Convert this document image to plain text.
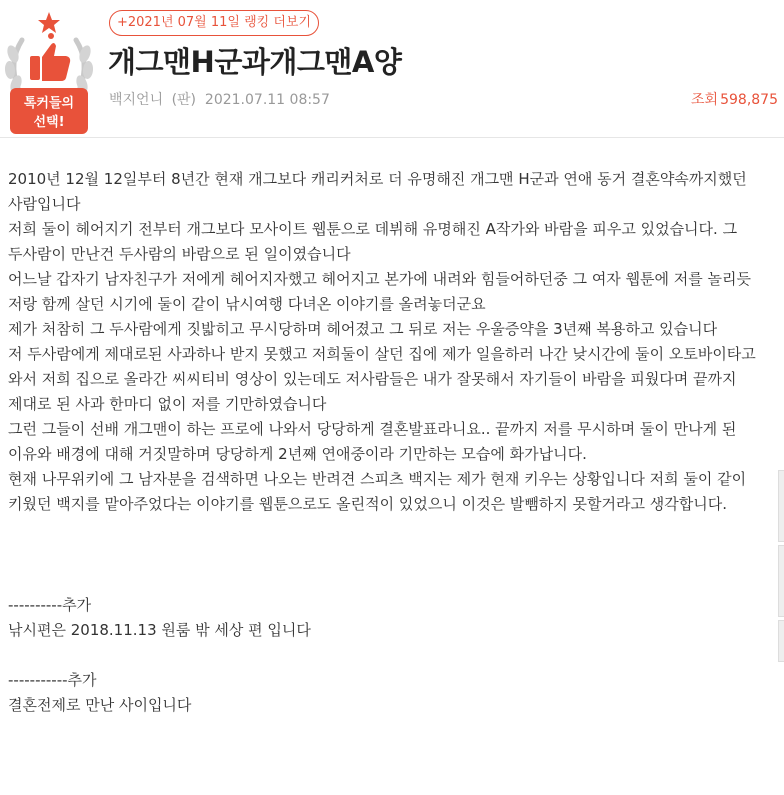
톡커들의
선택!
+2021년 07월 11일 랭킹 더보기
개그맨H군과개그맨A양
백지언니 (판) 2021.07.11 08:57	조회 598,875

2010년 12월 12일부터 8년간 현재 개그보다 캐리커처로 더 유명해진 개그맨 H군과 연애 동거 결혼약속까지했던 사람입니다

저희 둘이 헤어지기 전부터 개그보다 모사이트 웹툰으로 데뷔해 유명해진 A작가와 바람을 피우고 있었습니다. 그 두사람이 만난건 두사람의 바람으로 된 일이였습니다

어느날 갑자기 남자친구가 저에게 헤어지자했고 헤어지고 본가에 내려와 힘들어하던중 그 여자 웹툰에 저를 놀리듯 저랑 함께 살던 시기에 둘이 같이 낚시여행 다녀온 이야기를 올려놓더군요

제가 처참히 그 두사람에게 짓밟히고 무시당하며 헤어졌고 그 뒤로 저는 우울증약을 3년째 복용하고 있습니다

저 두사람에게 제대로된 사과하나 받지 못했고 저희둘이 살던 집에 제가 일을하러 나간 낮시간에 둘이 오토바이타고 와서 저희 집으로 올라간 씨씨티비 영상이 있는데도 저사람들은 내가 잘못해서 자기들이 바람을 피웠다며 끝까지 제대로 된 사과 한마디 없이 저를 기만하였습니다

그런 그들이 선배 개그맨이 하는 프로에 나와서 당당하게 결혼발표라니요.. 끝까지 저를 무시하며 둘이 만나게 된 이유와 배경에 대해 거짓말하며 당당하게 2년째 연애중이라 기만하는 모습에 화가납니다.

현재 나무위키에 그 남자분을 검색하면 나오는 반려견 스피츠 백지는 제가 현재 키우는 상황입니다 저희 둘이 같이 키웠던 백지를 맡아주었다는 이야기를 웹툰으로도 올린적이 있었으니 이것은 발뺌하지 못할거라고 생각합니다.

----------추가

낚시편은 2018.11.13 원룸 밖 세상 편 입니다

-----------추가

결혼전제로 만난 사이입니다
